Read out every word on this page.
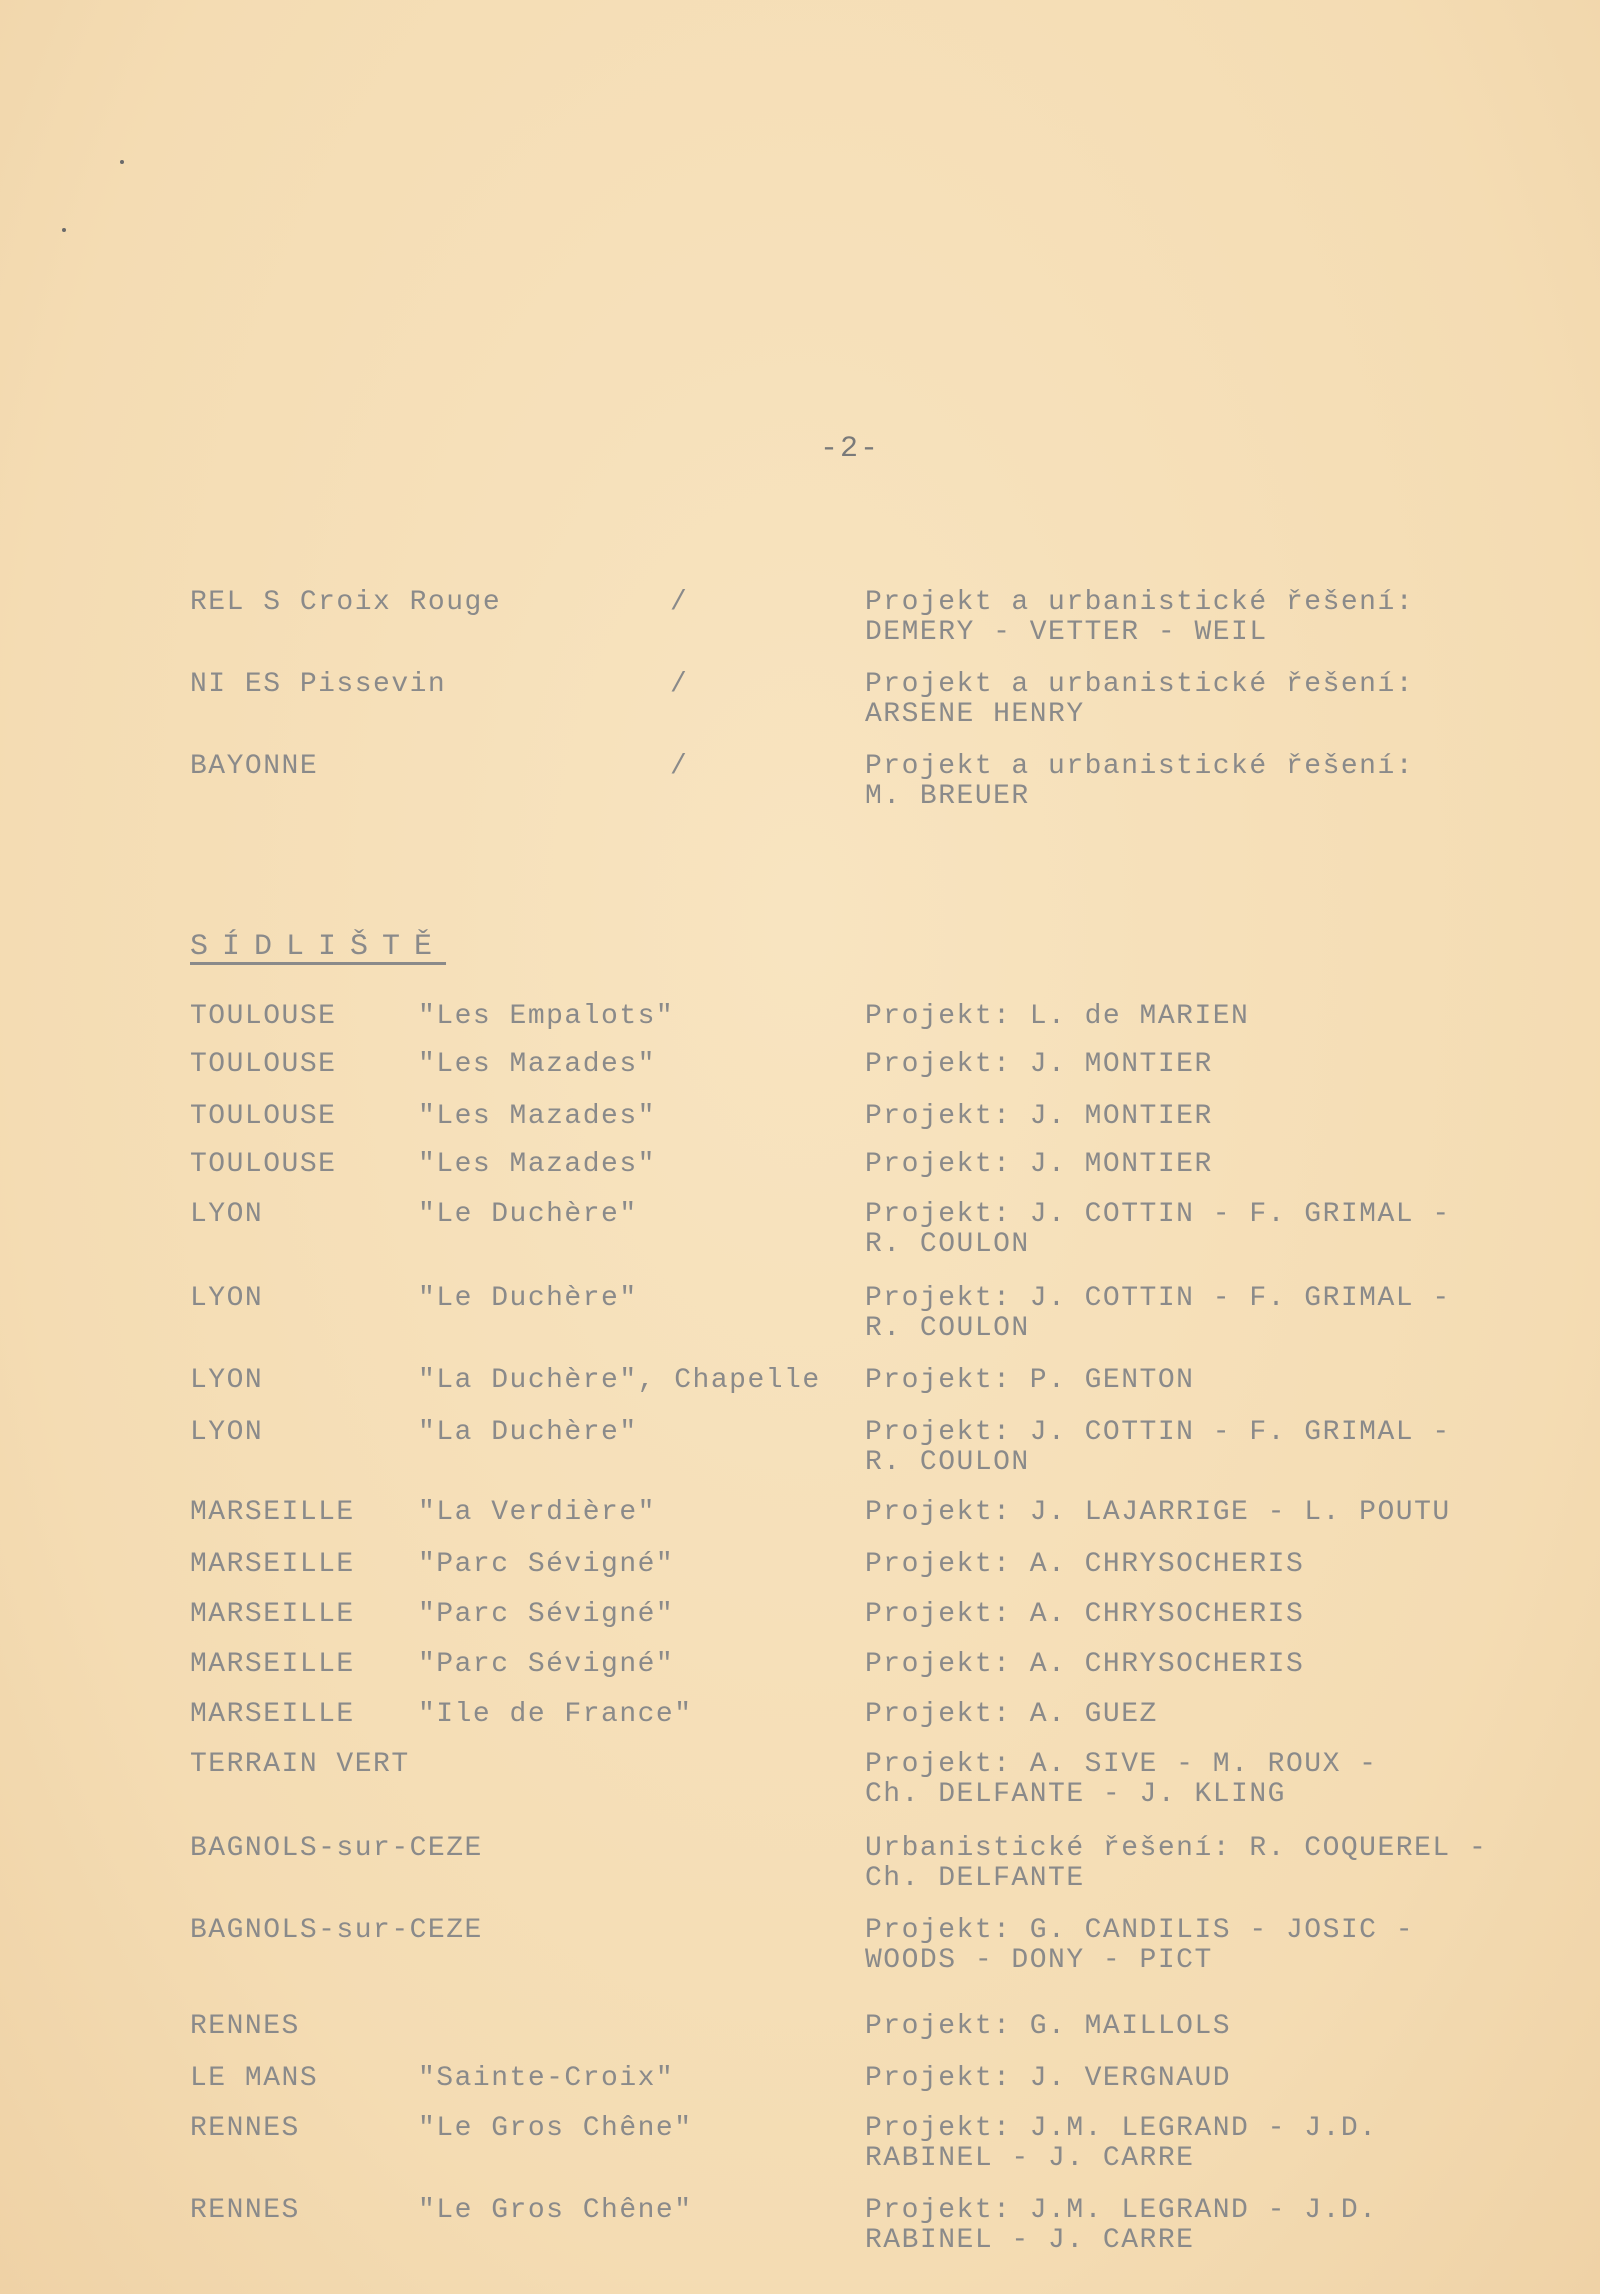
-2-
REL S Croix Rouge	/	Projekt a urbanistické řešení:
DEMERY - VETTER - WEIL
NI ES Pissevin	/	Projekt a urbanistické řešení:
ARSENE HENRY
BAYONNE	/	Projekt a urbanistické řešení:
M. BREUER
SÍDLIŠTĚ
TOULOUSE	"Les Empalots"	Projekt: L. de MARIEN
TOULOUSE	"Les Mazades"	Projekt: J. MONTIER
TOULOUSE	"Les Mazades"	Projekt: J. MONTIER
TOULOUSE	"Les Mazades"	Projekt: J. MONTIER
LYON	"Le Duchère"	Projekt: J. COTTIN - F. GRIMAL -
R. COULON
LYON	"Le Duchère"	Projekt: J. COTTIN - F. GRIMAL -
R. COULON
LYON	"La Duchère", Chapelle Projekt: P. GENTON
LYON	"La Duchère"	Projekt: J. COTTIN - F. GRIMAL -
R. COULON
MARSEILLE "La Verdière"	Projekt: J. LAJARRIGE - L. POUTU
MARSEILLE "Parc Sévigné"	Projekt: A. CHRYSOCHERIS
MARSEILLE "Parc Sévigné"	Projekt: A. CHRYSOCHERIS
MARSEILLE "Parc Sévigné"	Projekt: A. CHRYSOCHERIS
MARSEILLE "Ile de France"	Projekt: A. GUEZ
TERRAIN VERT	Projekt: A. SIVE - M. ROUX -
Ch. DELFANTE - J. KLING
BAGNOLS-sur-CEZE	Urbanistické řešení: R. COQUEREL -
Ch. DELFANTE
BAGNOLS-sur-CEZE	Projekt: G. CANDILIS - JOSIC -
WOODS - DONY - PICT
RENNES	Projekt: G. MAILLOLS
LE MANS	"Sainte-Croix"	Projekt: J. VERGNAUD
RENNES	"Le Gros Chêne"	Projekt: J.M. LEGRAND - J.D.
RABINEL - J. CARRE
RENNES	"Le Gros Chêne"	Projekt: J.M. LEGRAND - J.D.
RABINEL - J. CARRE
